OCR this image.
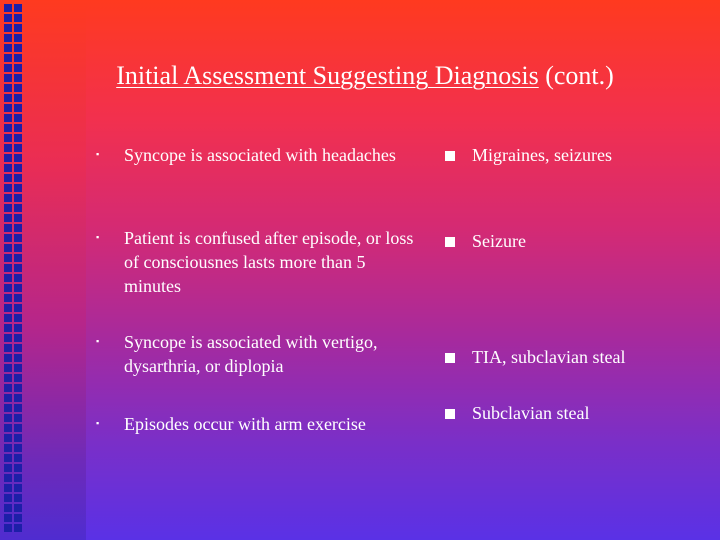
Initial Assessment Suggesting Diagnosis (cont.)
▪ Syncope is associated with headaches
▪ Patient is confused after episode, or loss of consciousnes lasts more than 5 minutes
▪ Syncope is associated with vertigo, dysarthria, or diplopia
▪ Episodes occur with arm exercise
Migraines, seizures
Seizure
TIA, subclavian steal
Subclavian steal
